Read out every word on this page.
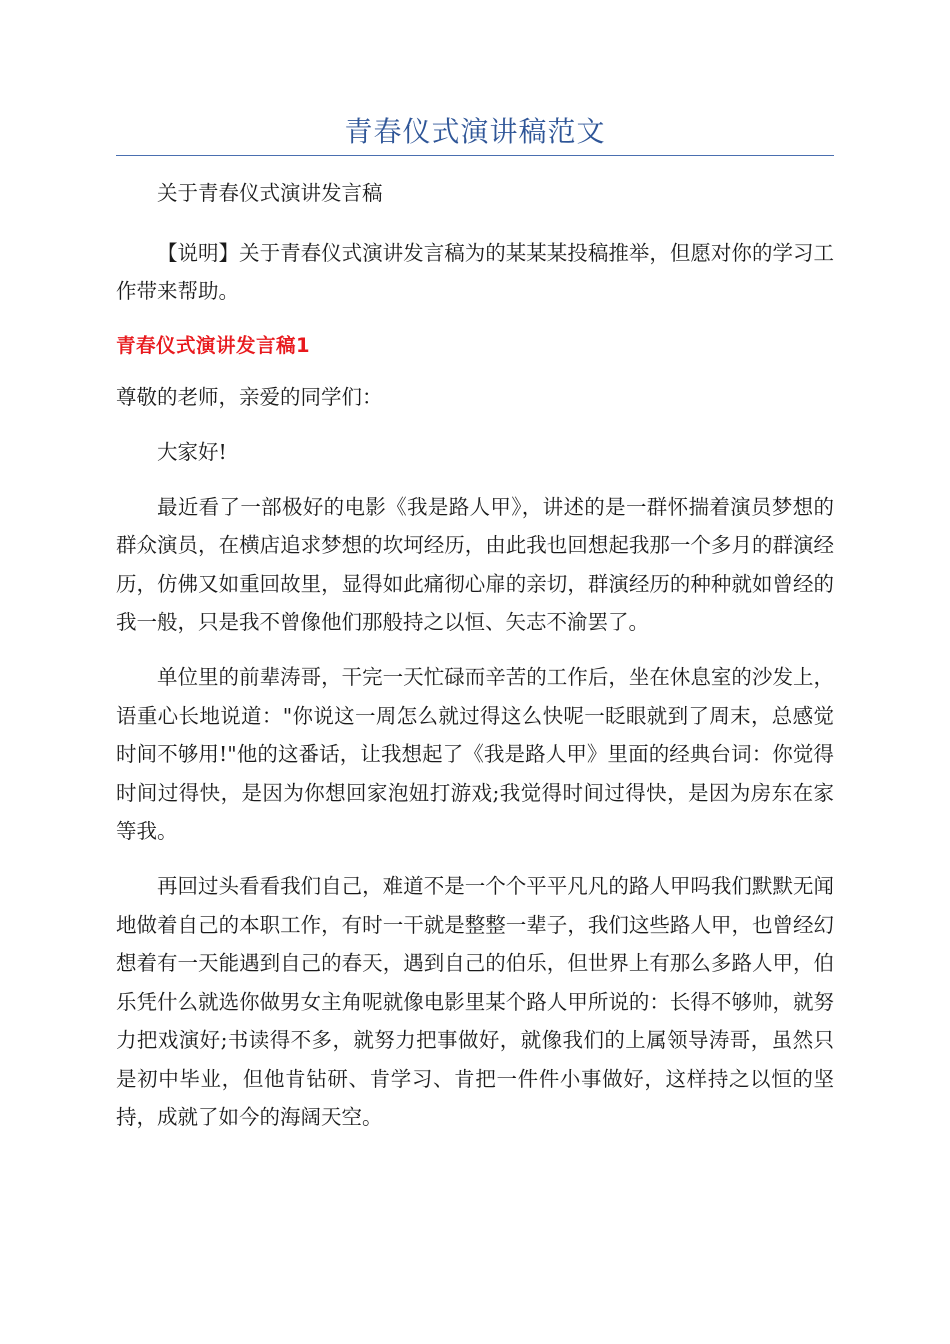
青春仪式演讲稿范文

关于青春仪式演讲发言稿

【说明】关于青春仪式演讲发言稿为的某某某投稿推举，但愿对你的学习工作带来帮助。

青春仪式演讲发言稿1

尊敬的老师，亲爱的同学们：

大家好!

最近看了一部极好的电影《我是路人甲》，讲述的是一群怀揣着演员梦想的群众演员，在横店追求梦想的坎坷经历，由此我也回想起我那一个多月的群演经历，仿佛又如重回故里，显得如此痛彻心扉的亲切，群演经历的种种就如曾经的我一般，只是我不曾像他们那般持之以恒、矢志不渝罢了。

单位里的前辈涛哥，干完一天忙碌而辛苦的工作后，坐在休息室的沙发上，语重心长地说道："你说这一周怎么就过得这么快呢一眨眼就到了周末，总感觉时间不够用!"他的这番话，让我想起了《我是路人甲》里面的经典台词：你觉得时间过得快，是因为你想回家泡妞打游戏;我觉得时间过得快，是因为房东在家等我。

再回过头看看我们自己，难道不是一个个平平凡凡的路人甲吗我们默默无闻地做着自己的本职工作，有时一干就是整整一辈子，我们这些路人甲，也曾经幻想着有一天能遇到自己的春天，遇到自己的伯乐，但世界上有那么多路人甲，伯乐凭什么就选你做男女主角呢就像电影里某个路人甲所说的：长得不够帅，就努力把戏演好;书读得不多，就努力把事做好，就像我们的上属领导涛哥，虽然只是初中毕业，但他肯钻研、肯学习、肯把一件件小事做好，这样持之以恒的坚持，成就了如今的海阔天空。
